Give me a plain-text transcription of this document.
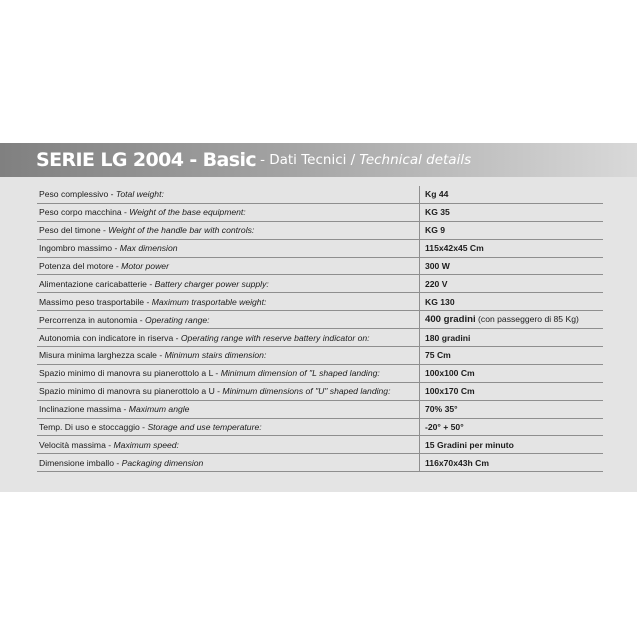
SERIE LG 2004 - Basic - Dati Tecnici / Technical details
Peso complessivo - Total weight:	Kg 44
Peso corpo macchina - Weight of the base equipment:	KG 35
Peso del timone - Weight of the handle bar with controls:	KG 9
Ingombro massimo - Max dimension	115x42x45 Cm
Potenza del motore - Motor power	300 W
Alimentazione caricabatterie - Battery charger power supply:	220 V
Massimo peso trasportabile - Maximum trasportable weight:	KG 130
Percorrenza in autonomia - Operating range:	400 gradini (con passeggero di 85 Kg)
Autonomia con indicatore in riserva - Operating range with reserve battery indicator on:	180 gradini
Misura minima larghezza scale - Minimum stairs dimension:	75 Cm
Spazio minimo di manovra su pianerottolo a L - Minimum dimension of "L shaped landing:	100x100 Cm
Spazio minimo di manovra su pianerottolo a U - Minimum dimensions of "U" shaped landing:	100x170 Cm
Inclinazione massima - Maximum angle	70% 35°
Temp. Di uso e stoccaggio - Storage and use temperature:	-20° + 50°
Velocità massima - Maximum speed:	15 Gradini per minuto
Dimensione imballo - Packaging dimension	116x70x43h Cm
